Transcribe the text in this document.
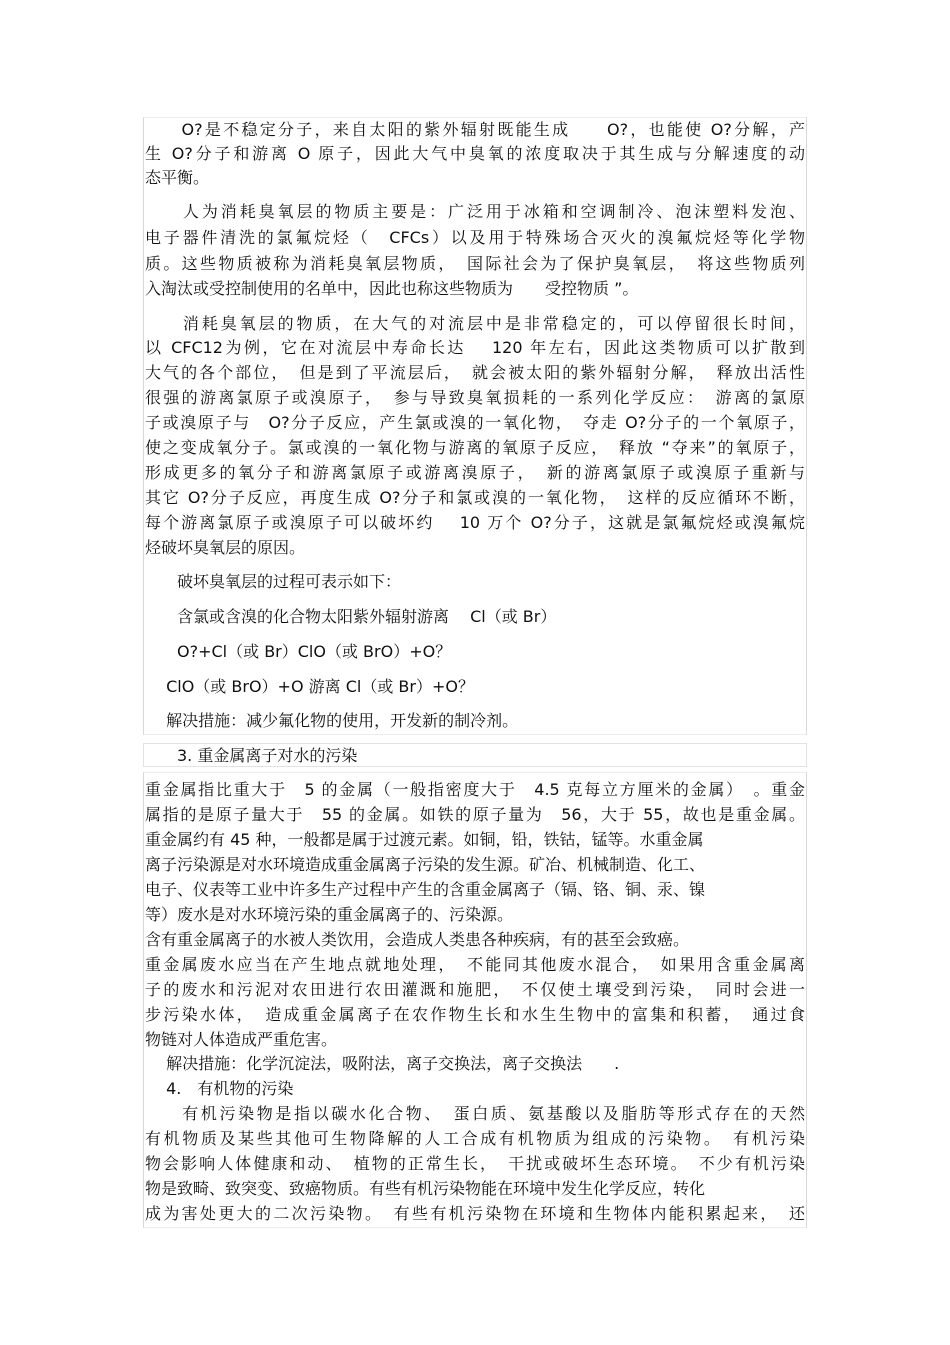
　　O?是不稳定分子，来自太阳的紫外辐射既能生成　　O?，也能使 O?分解，产
生 O?分子和游离 O 原子，因此大气中臭氧的浓度取决于其生成与分解速度的动
态平衡。
　　人为消耗臭氧层的物质主要是：广泛用于冰箱和空调制冷、泡沫塑料发泡、
电子器件清洗的氯氟烷烃（　CFCs）以及用于特殊场合灭火的溴氟烷烃等化学物
质。这些物质被称为消耗臭氧层物质，　国际社会为了保护臭氧层，　将这些物质列
入淘汰或受控制使用的名单中，因此也称这些物质为　　受控物质 ”。
　　消耗臭氧层的物质，在大气的对流层中是非常稳定的，可以停留很长时间，
以 CFC12为例，它在对流层中寿命长达　 120 年左右，因此这类物质可以扩散到
大气的各个部位，　但是到了平流层后，　就会被太阳的紫外辐射分解，　释放出活性
很强的游离氯原子或溴原子，　参与导致臭氧损耗的一系列化学反应：　游离的氯原
子或溴原子与　O?分子反应，产生氯或溴的一氧化物，　夺走 O?分子的一个氧原子，
使之变成氧分子。氯或溴的一氧化物与游离的氧原子反应，　释放 “夺来”的氧原子，
形成更多的氧分子和游离氯原子或游离溴原子，　新的游离氯原子或溴原子重新与
其它 O?分子反应，再度生成 O?分子和氯或溴的一氧化物，　这样的反应循环不断，
每个游离氯原子或溴原子可以破坏约　 10 万个 O?分子，这就是氯氟烷烃或溴氟烷
烃破坏臭氧层的原因。
　　破坏臭氧层的过程可表示如下：
　　含氯或含溴的化合物太阳紫外辐射游离　 Cl（或 Br）
　　O?+Cl（或 Br）ClO（或 BrO）+O？
　 ClO（或 BrO）+O 游离 Cl（或 Br）+O？
　 解决措施：减少氟化物的使用，开发新的制冷剂。
　　3. 重金属离子对水的污染
重金属指比重大于　5 的金属（一般指密度大于　4.5 克每立方厘米的金属）　。重金
属指的是原子量大于　55 的金属。如铁的原子量为　56，大于 55，故也是重金属。
重金属约有 45 种，一般都是属于过渡元素。如铜，铅，铁钴，锰等。水重金属
离子污染源是对水环境造成重金属离子污染的发生源。矿冶、机械制造、化工、
电子、仪表等工业中许多生产过程中产生的含重金属离子（镉、铬、铜、汞、镍
等）废水是对水环境污染的重金属离子的、污染源。
含有重金属离子的水被人类饮用，会造成人类患各种疾病，有的甚至会致癌。
重金属废水应当在产生地点就地处理，　不能同其他废水混合，　如果用含重金属离
子的废水和污泥对农田进行农田灌溉和施肥，　不仅使土壤受到污染，　同时会进一
步污染水体，　造成重金属离子在农作物生长和水生生物中的富集和积蓄，　通过食
物链对人体造成严重危害。
　 解决措施：化学沉淀法，吸附法，离子交换法，离子交换法　　.
　 4.　有机物的污染
　　有机污染物是指以碳水化合物、　蛋白质、氨基酸以及脂肪等形式存在的天然
有机物质及某些其他可生物降解的人工合成有机物质为组成的污染物。　有机污染
物会影响人体健康和动、　植物的正常生长，　干扰或破坏生态环境。　不少有机污染
物是致畸、致突变、致癌物质。有些有机污染物能在环境中发生化学反应，转化
成为害处更大的二次污染物。　有些有机污染物在环境和生物体内能积累起来，　还
